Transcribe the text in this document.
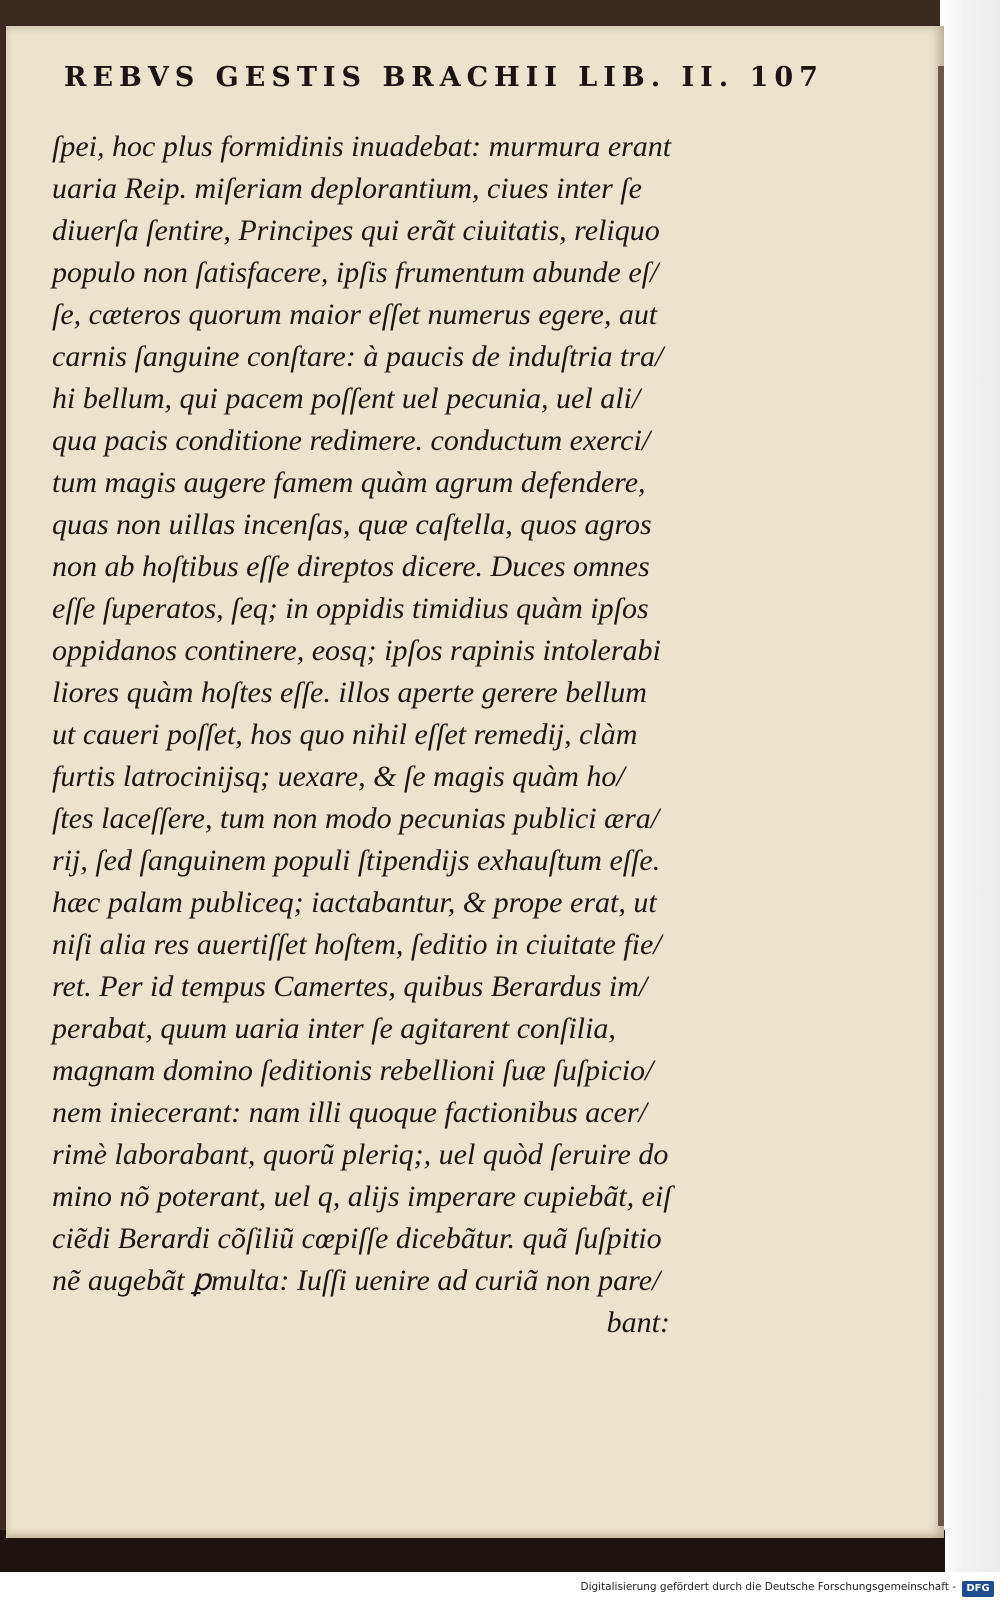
REBVS GESTIS BRACHII LIB. II. 107
ſpei, hoc plus formidinis inuadebat: murmura erant
uaria Reip. miſeriam deplorantium, ciues inter ſe
diuerſa ſentire, Principes qui erãt ciuitatis, reliquo
populo non ſatisfacere, ipſis frumentum abunde eſ/
ſe, cæteros quorum maior eſſet numerus egere, aut
carnis ſanguine conſtare: à paucis de induſtria tra/
hi bellum, qui pacem poſſent uel pecunia, uel ali/
qua pacis conditione redimere. conductum exerci/
tum magis augere famem quàm agrum defendere,
quas non uillas incenſas, quæ caſtella, quos agros
non ab hoſtibus eſſe direptos dicere. Duces omnes
eſſe ſuperatos, ſeq; in oppidis timidius quàm ipſos
oppidanos continere, eosq; ipſos rapinis intolerabi
liores quàm hoſtes eſſe. illos aperte gerere bellum
ut caueri poſſet, hos quo nihil eſſet remedij, clàm
furtis latrocinijsq; uexare, & ſe magis quàm ho/
ſtes laceſſere, tum non modo pecunias publici æra/
rij, ſed ſanguinem populi ſtipendijs exhauſtum eſſe.
hæc palam publiceq; iactabantur, & prope erat, ut
niſi alia res auertiſſet hoſtem, ſeditio in ciuitate fie/
ret. Per id tempus Camertes, quibus Berardus im/
perabat, quum uaria inter ſe agitarent conſilia,
magnam domino ſeditionis rebellioni ſuæ ſuſpicio/
nem iniecerant: nam illi quoque factionibus acer/
rimè laborabant, quorũ pleriq;, uel quòd ſeruire do
mino nõ poterant, uel q, alijs imperare cupiebãt, eiſ
ciẽdi Berardi cõſiliũ cœpiſſe dicebãtur. quã ſuſpitio
nẽ augebãt ꝑmulta: Iuſſi uenire ad curiã non pare/
bant:
Digitalisierung gefördert durch die Deutsche Forschungsgemeinschaft -	DFG
